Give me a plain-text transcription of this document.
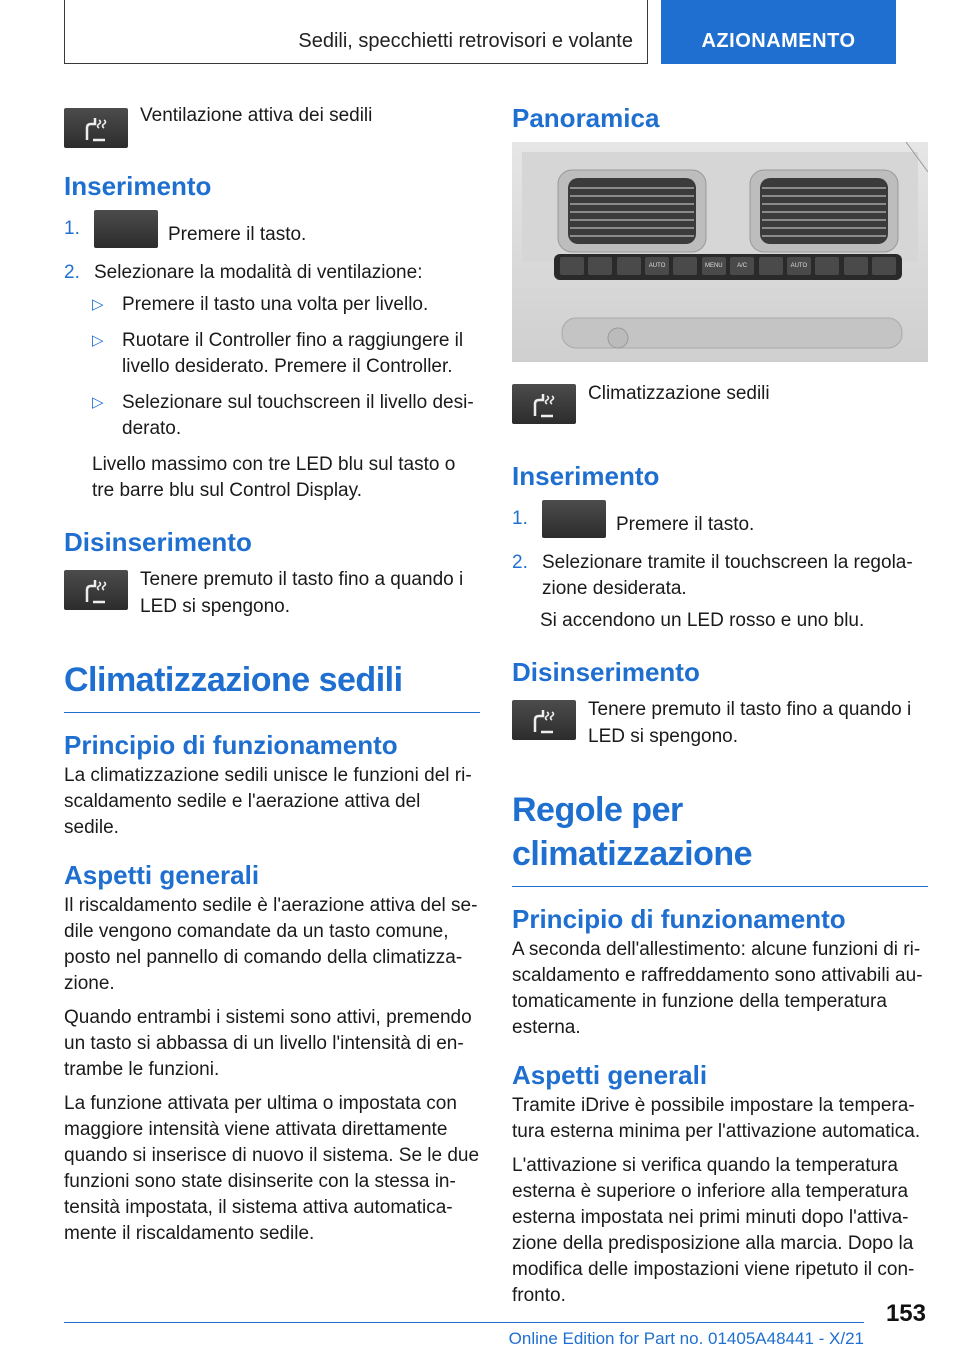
Sedili, specchietti retrovisori e volante	AZIONAMENTO
Ventilazione attiva dei sedili
Inserimento
1.	Premere il tasto.
2. Selezionare la modalità di ventilazione:
▷ Premere il tasto una volta per livello.
▷ Ruotare il Controller fino a raggiungere il livello desiderato. Premere il Controller.
▷ Selezionare sul touchscreen il livello desiderato.

Livello massimo con tre LED blu sul tasto o tre barre blu sul Control Display.

Disinserimento
Tenere premuto il tasto fino a quando i LED si spengono.
Climatizzazione sedili
Principio di funzionamento

La climatizzazione sedili unisce le funzioni del riscaldamento sedile e l'aerazione attiva del sedile.

Aspetti generali

Il riscaldamento sedile è l'aerazione attiva del sedile vengono comandate da un tasto comune, posto nel pannello di comando della climatizzazione.

Quando entrambi i sistemi sono attivi, premendo un tasto si abbassa di un livello l'intensità di entrambe le funzioni.

La funzione attivata per ultima o impostata con maggiore intensità viene attivata direttamente quando si inserisce di nuovo il sistema. Se le due funzioni sono state disinserite con la stessa intensità impostata, il sistema attiva automaticamente il riscaldamento sedile.

Panoramica
AUTO	MENU	A/C	AUTO
Climatizzazione sedili
Inserimento
1.	Premere il tasto.
2. Selezionare tramite il touchscreen la regolazione desiderata.

Si accendono un LED rosso e uno blu.

Disinserimento
Tenere premuto il tasto fino a quando i LED si spengono.
Regole per climatizzazione
Principio di funzionamento

A seconda dell'allestimento: alcune funzioni di riscaldamento e raffreddamento sono attivabili automaticamente in funzione della temperatura esterna.

Aspetti generali

Tramite iDrive è possibile impostare la temperatura esterna minima per l'attivazione automatica.

L'attivazione si verifica quando la temperatura esterna è superiore o inferiore alla temperatura esterna impostata nei primi minuti dopo l'attivazione della predisposizione alla marcia. Dopo la modifica delle impostazioni viene ripetuto il confronto.

153
Online Edition for Part no. 01405A48441 - X/21
